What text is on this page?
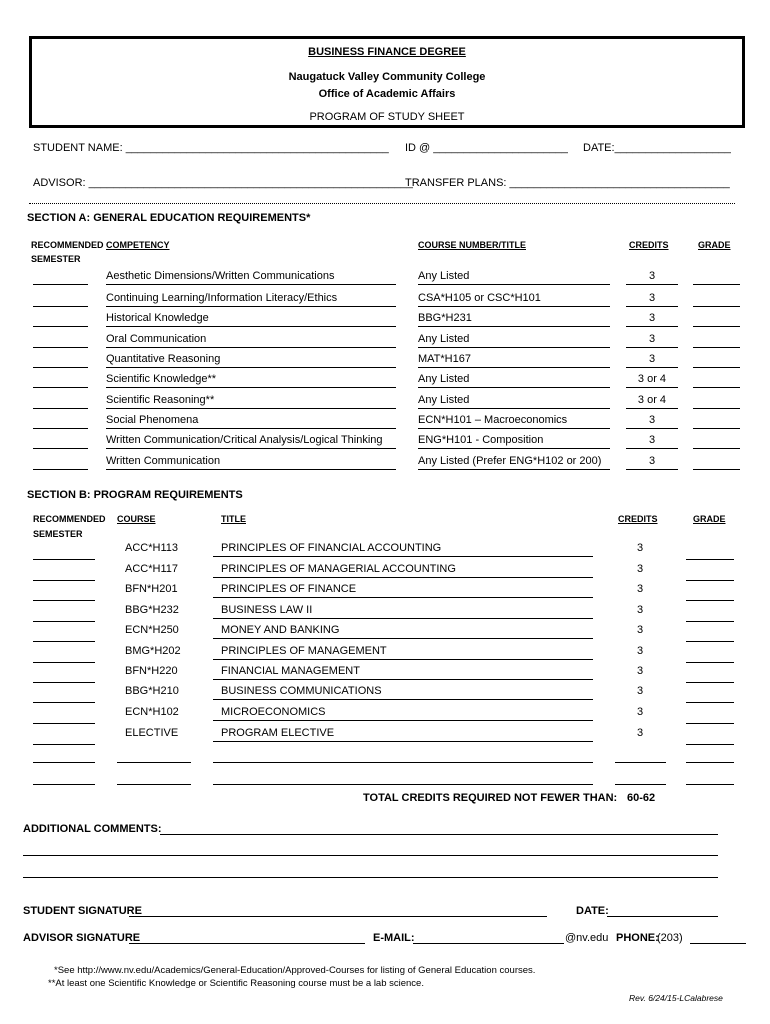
BUSINESS FINANCE DEGREE
Naugatuck Valley Community College
Office of Academic Affairs
PROGRAM OF STUDY SHEET
STUDENT NAME: ___________________________________________ ID @ ______________________ DATE:___________________
ADVISOR: _____________________________________________________
TRANSFER PLANS: ____________________________________
SECTION A: GENERAL EDUCATION REQUIREMENTS*
RECOMMENDED
SEMESTER
COMPETENCY	COURSE NUMBER/TITLE	CREDITS	GRADE
Aesthetic Dimensions/Written Communications	Any Listed	3
Continuing Learning/Information Literacy/Ethics	CSA*H105 or CSC*H101	3
Historical Knowledge	BBG*H231	3
Oral Communication	Any Listed	3
Quantitative Reasoning	MAT*H167	3
Scientific Knowledge**	Any Listed	3 or 4
Scientific Reasoning**	Any Listed	3 or 4
Social Phenomena	ECN*H101 – Macroeconomics	3
Written Communication/Critical Analysis/Logical Thinking	ENG*H101 - Composition	3
Written Communication	Any Listed (Prefer ENG*H102 or 200)	3
SECTION B: PROGRAM REQUIREMENTS
RECOMMENDED
SEMESTER
COURSE	TITLE	CREDITS	GRADE
ACC*H113	PRINCIPLES OF FINANCIAL ACCOUNTING	3
ACC*H117	PRINCIPLES OF MANAGERIAL ACCOUNTING	3
BFN*H201	PRINCIPLES OF FINANCE	3
BBG*H232	BUSINESS LAW II	3
ECN*H250	MONEY AND BANKING	3
BMG*H202	PRINCIPLES OF MANAGEMENT	3
BFN*H220	FINANCIAL MANAGEMENT	3
BBG*H210	BUSINESS COMMUNICATIONS	3
ECN*H102	MICROECONOMICS	3
ELECTIVE	PROGRAM ELECTIVE	3
TOTAL CREDITS REQUIRED NOT FEWER THAN: 60-62
ADDITIONAL COMMENTS:
STUDENT SIGNATURE	DATE:
ADVISOR SIGNATURE	E-MAIL:	@nv.edu PHONE:
(203)
*See http://www.nv.edu/Academics/General-Education/Approved-Courses for listing of General Education courses.
**At least one Scientific Knowledge or Scientific Reasoning course must be a lab science.
Rev. 6/24/15-LCalabrese
